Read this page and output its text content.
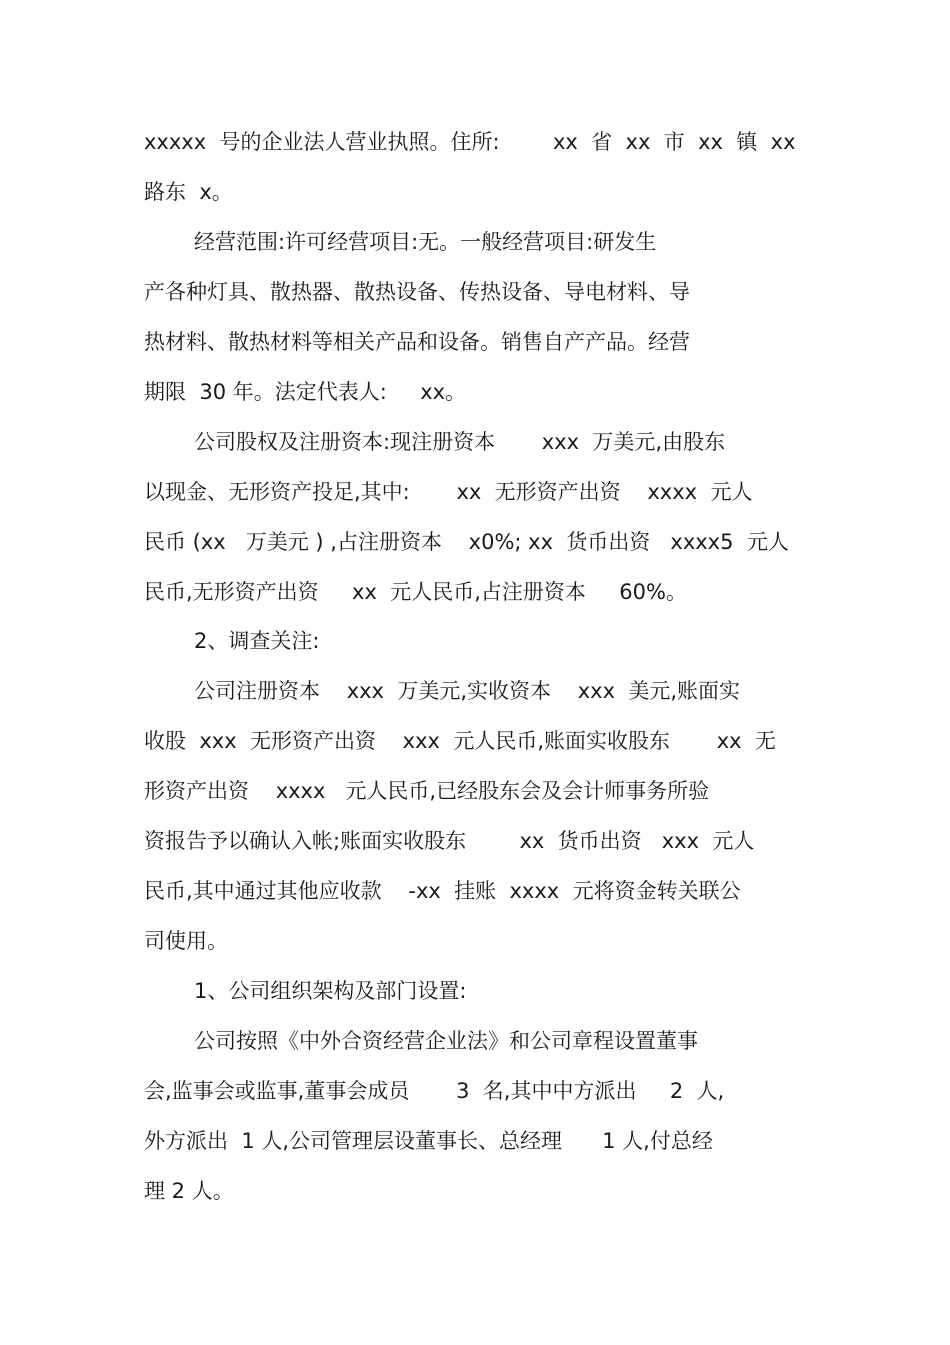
xxxxx  号的企业法人营业执照。住所:        xx  省  xx  市  xx  镇  xx

路东  x。

经营范围:许可经营项目:无。一般经营项目:研发生

产各种灯具、散热器、散热设备、传热设备、导电材料、导

热材料、散热材料等相关产品和设备。销售自产产品。经营

期限  30 年。法定代表人:     xx。

公司股权及注册资本:现注册资本       xxx  万美元,由股东

以现金、无形资产投足,其中:       xx  无形资产出资    xxxx  元人

民币 (xx   万美元 ) ,占注册资本    x0%; xx  货币出资   xxxx5  元人

民币,无形资产出资     xx  元人民币,占注册资本     60%。

2、调查关注:

公司注册资本    xxx  万美元,实收资本    xxx  美元,账面实

收股  xxx  无形资产出资    xxx  元人民币,账面实收股东       xx  无

形资产出资    xxxx   元人民币,已经股东会及会计师事务所验

资报告予以确认入帐;账面实收股东        xx  货币出资   xxx  元人

民币,其中通过其他应收款    -xx  挂账  xxxx  元将资金转关联公

司使用。

1、公司组织架构及部门设置:

公司按照《中外合资经营企业法》和公司章程设置董事

会,监事会或监事,董事会成员       3  名,其中中方派出     2  人,

外方派出  1 人,公司管理层设董事长、总经理      1 人,付总经

理 2 人。
